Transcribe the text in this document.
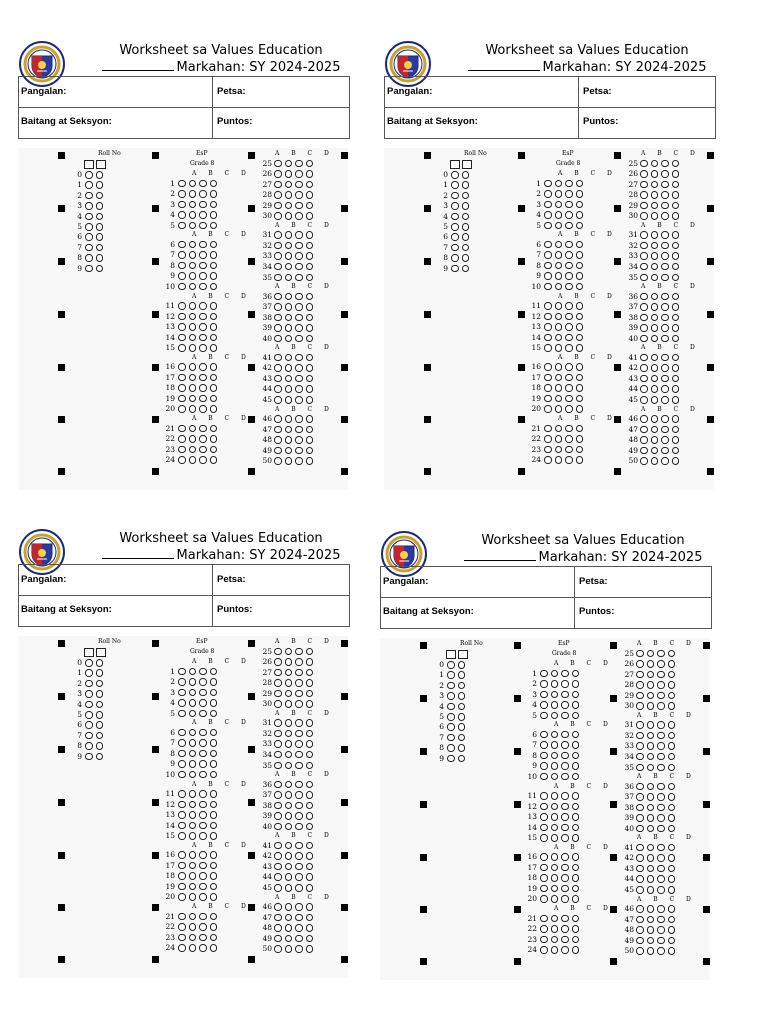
Worksheet sa Values Education
Markahan: SY 2024-2025
Pangalan:	Petsa:
Baitang at Seksyon:	Puntos:
Roll No
0
1
2
3
4
5
6
7
8
9
EsP
Grade 8
A B C D
1
2
3
4
5
A B C D
6
7
8
9
10
A B C D
11
12
13
14
15
A B C D
16
17
18
19
20
A B C D
21
22
23
24
A B C D
25
26
27
28
29
30
A B C D
31
32
33
34
35
A B C D
36
37
38
39
40
A B C D
41
42
43
44
45
A B C D
46
47
48
49
50
Worksheet sa Values Education
Markahan: SY 2024-2025
Pangalan:	Petsa:
Baitang at Seksyon:	Puntos:
Roll No
0
1
2
3
4
5
6
7
8
9
EsP
Grade 8
A B C D
1
2
3
4
5
A B C D
6
7
8
9
10
A B C D
11
12
13
14
15
A B C D
16
17
18
19
20
A B C D
21
22
23
24
A B C D
25
26
27
28
29
30
A B C D
31
32
33
34
35
A B C D
36
37
38
39
40
A B C D
41
42
43
44
45
A B C D
46
47
48
49
50
Worksheet sa Values Education
Markahan: SY 2024-2025
Pangalan:	Petsa:
Baitang at Seksyon:	Puntos:
Roll No
0
1
2
3
4
5
6
7
8
9
EsP
Grade 8
A B C D
1
2
3
4
5
A B C D
6
7
8
9
10
A B C D
11
12
13
14
15
A B C D
16
17
18
19
20
A B C D
21
22
23
24
A B C D
25
26
27
28
29
30
A B C D
31
32
33
34
35
A B C D
36
37
38
39
40
A B C D
41
42
43
44
45
A B C D
46
47
48
49
50
Worksheet sa Values Education
Markahan: SY 2024-2025
Pangalan:	Petsa:
Baitang at Seksyon:	Puntos:
Roll No
0
1
2
3
4
5
6
7
8
9
EsP
Grade 8
A B C D
1
2
3
4
5
A B C D
6
7
8
9
10
A B C D
11
12
13
14
15
A B C D
16
17
18
19
20
A B C D
21
22
23
24
A B C D
25
26
27
28
29
30
A B C D
31
32
33
34
35
A B C D
36
37
38
39
40
A B C D
41
42
43
44
45
A B C D
46
47
48
49
50
